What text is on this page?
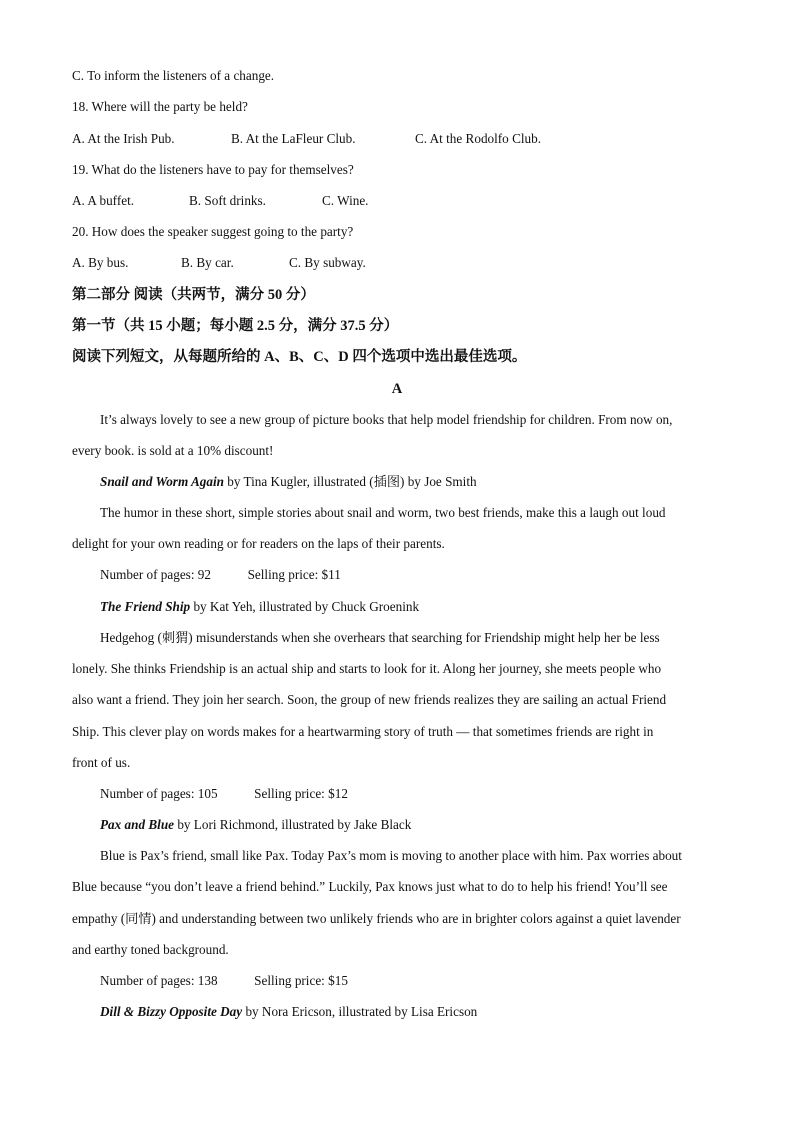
C. To inform the listeners of a change.
18. Where will the party be held?
A. At the Irish Pub.	B. At the LaFleur Club.	C. At the Rodolfo Club.
19. What do the listeners have to pay for themselves?
A. A buffet.	B. Soft drinks.	C. Wine.
20. How does the speaker suggest going to the party?
A. By bus.	B. By car.	C. By subway.
第二部分 阅读（共两节，满分 50 分）
第一节（共 15 小题；每小题 2.5 分，满分 37.5 分）
阅读下列短文，从每题所给的 A、B、C、D 四个选项中选出最佳选项。
A
It’s always lovely to see a new group of picture books that help model friendship for children. From now on,
every book. is sold at a 10% discount!
Snail and Worm Again by Tina Kugler, illustrated (插图) by Joe Smith
The humor in these short, simple stories about snail and worm, two best friends, make this a laugh out loud
delight for your own reading or for readers on the laps of their parents.
Number of pages: 92	Selling price: $11
The Friend Ship by Kat Yeh, illustrated by Chuck Groenink
Hedgehog (刺猬) misunderstands when she overhears that searching for Friendship might help her be less
lonely. She thinks Friendship is an actual ship and starts to look for it. Along her journey, she meets people who
also want a friend. They join her search. Soon, the group of new friends realizes they are sailing an actual Friend
Ship. This clever play on words makes for a heartwarming story of truth — that sometimes friends are right in
front of us.
Number of pages: 105	Selling price: $12
Pax and Blue by Lori Richmond, illustrated by Jake Black
Blue is Pax’s friend, small like Pax. Today Pax’s mom is moving to another place with him. Pax worries about
Blue because “you don’t leave a friend behind.” Luckily, Pax knows just what to do to help his friend! You’ll see
empathy (同情) and understanding between two unlikely friends who are in brighter colors against a quiet lavender
and earthy toned background.
Number of pages: 138	Selling price: $15
Dill & Bizzy Opposite Day by Nora Ericson, illustrated by Lisa Ericson
